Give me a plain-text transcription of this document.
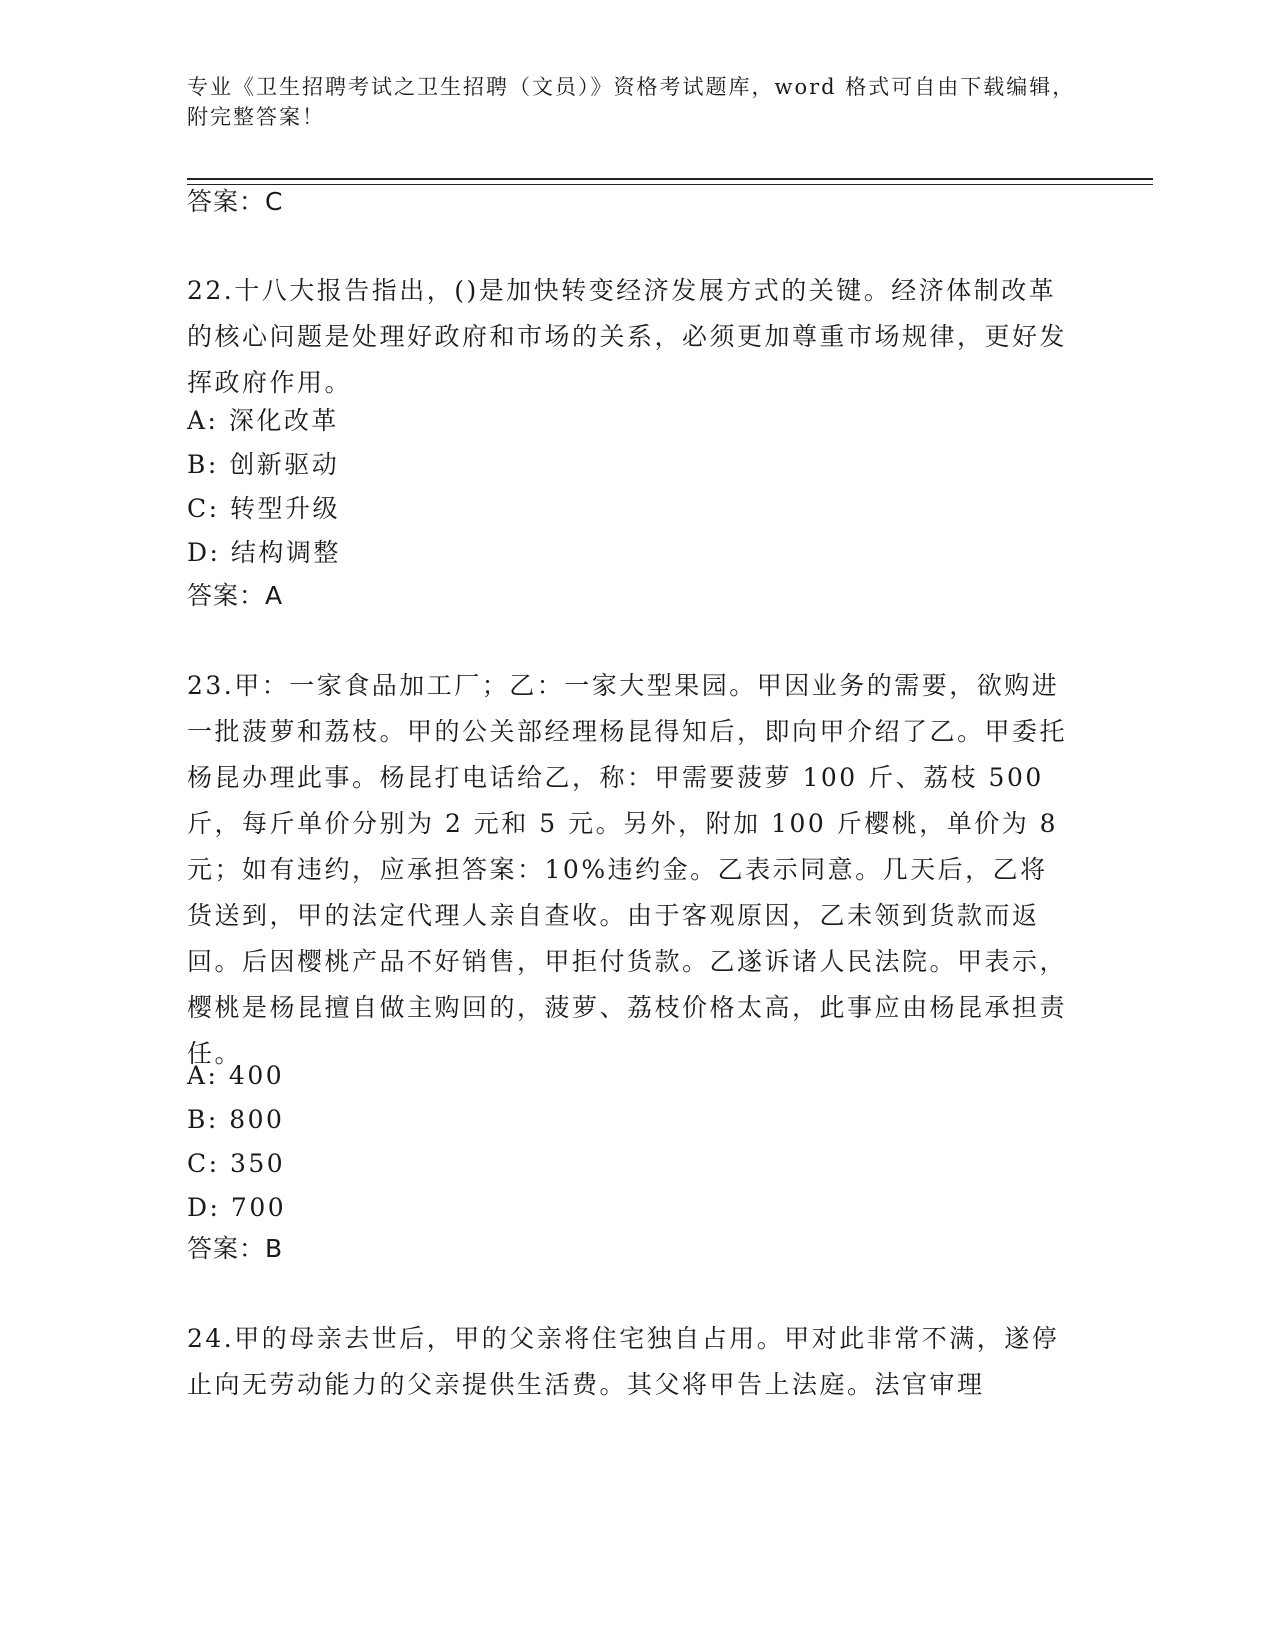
专业《卫生招聘考试之卫生招聘（文员）》资格考试题库，word 格式可自由下载编辑，附完整答案！
答案：C

22.十八大报告指出，()是加快转变经济发展方式的关键。经济体制改革的核心问题是处理好政府和市场的关系，必须更加尊重市场规律，更好发挥政府作用。

A: 深化改革
B: 创新驱动
C: 转型升级
D: 结构调整
答案：A

23.甲：一家食品加工厂；乙：一家大型果园。甲因业务的需要，欲购进一批菠萝和荔枝。甲的公关部经理杨昆得知后，即向甲介绍了乙。甲委托杨昆办理此事。杨昆打电话给乙，称：甲需要菠萝 100 斤、荔枝 500 斤，每斤单价分别为 2 元和 5 元。另外，附加 100 斤樱桃，单价为 8 元；如有违约，应承担答案：10%违约金。乙表示同意。几天后，乙将货送到，甲的法定代理人亲自查收。由于客观原因，乙未领到货款而返回。后因樱桃产品不好销售，甲拒付货款。乙遂诉诸人民法院。甲表示，樱桃是杨昆擅自做主购回的，菠萝、荔枝价格太高，此事应由杨昆承担责任。

A: 400
B: 800
C: 350
D: 700
答案：B

24.甲的母亲去世后，甲的父亲将住宅独自占用。甲对此非常不满，遂停止向无劳动能力的父亲提供生活费。其父将甲告上法庭。法官审理
